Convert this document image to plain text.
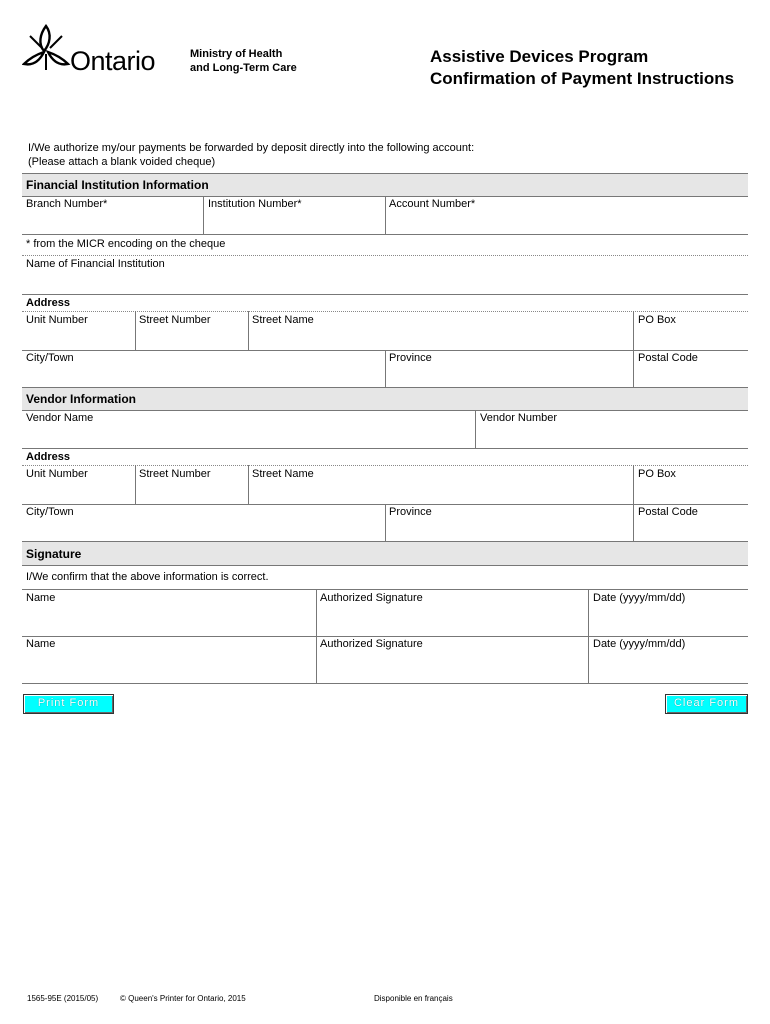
Ontario	Ministry of Health
and Long-Term Care
Assistive Devices Program
Confirmation of Payment Instructions
I/We authorize my/our payments be forwarded by deposit directly into the following account:
(Please attach a blank voided cheque)
Financial Institution Information
Branch Number*	Institution Number*	Account Number*
* from the MICR encoding on the cheque
Name of Financial Institution
Address
Unit Number	Street Number	Street Name	PO Box
City/Town	Province	Postal Code
Vendor Information
Vendor Name	Vendor Number
Address
Unit Number	Street Number	Street Name	PO Box
City/Town	Province	Postal Code
Signature
I/We confirm that the above information is correct.
Name	Authorized Signature	Date (yyyy/mm/dd)
Name	Authorized Signature	Date (yyyy/mm/dd)
Print Form	Clear Form
1565-95E (2015/05)	© Queen's Printer for Ontario, 2015	Disponible en français
